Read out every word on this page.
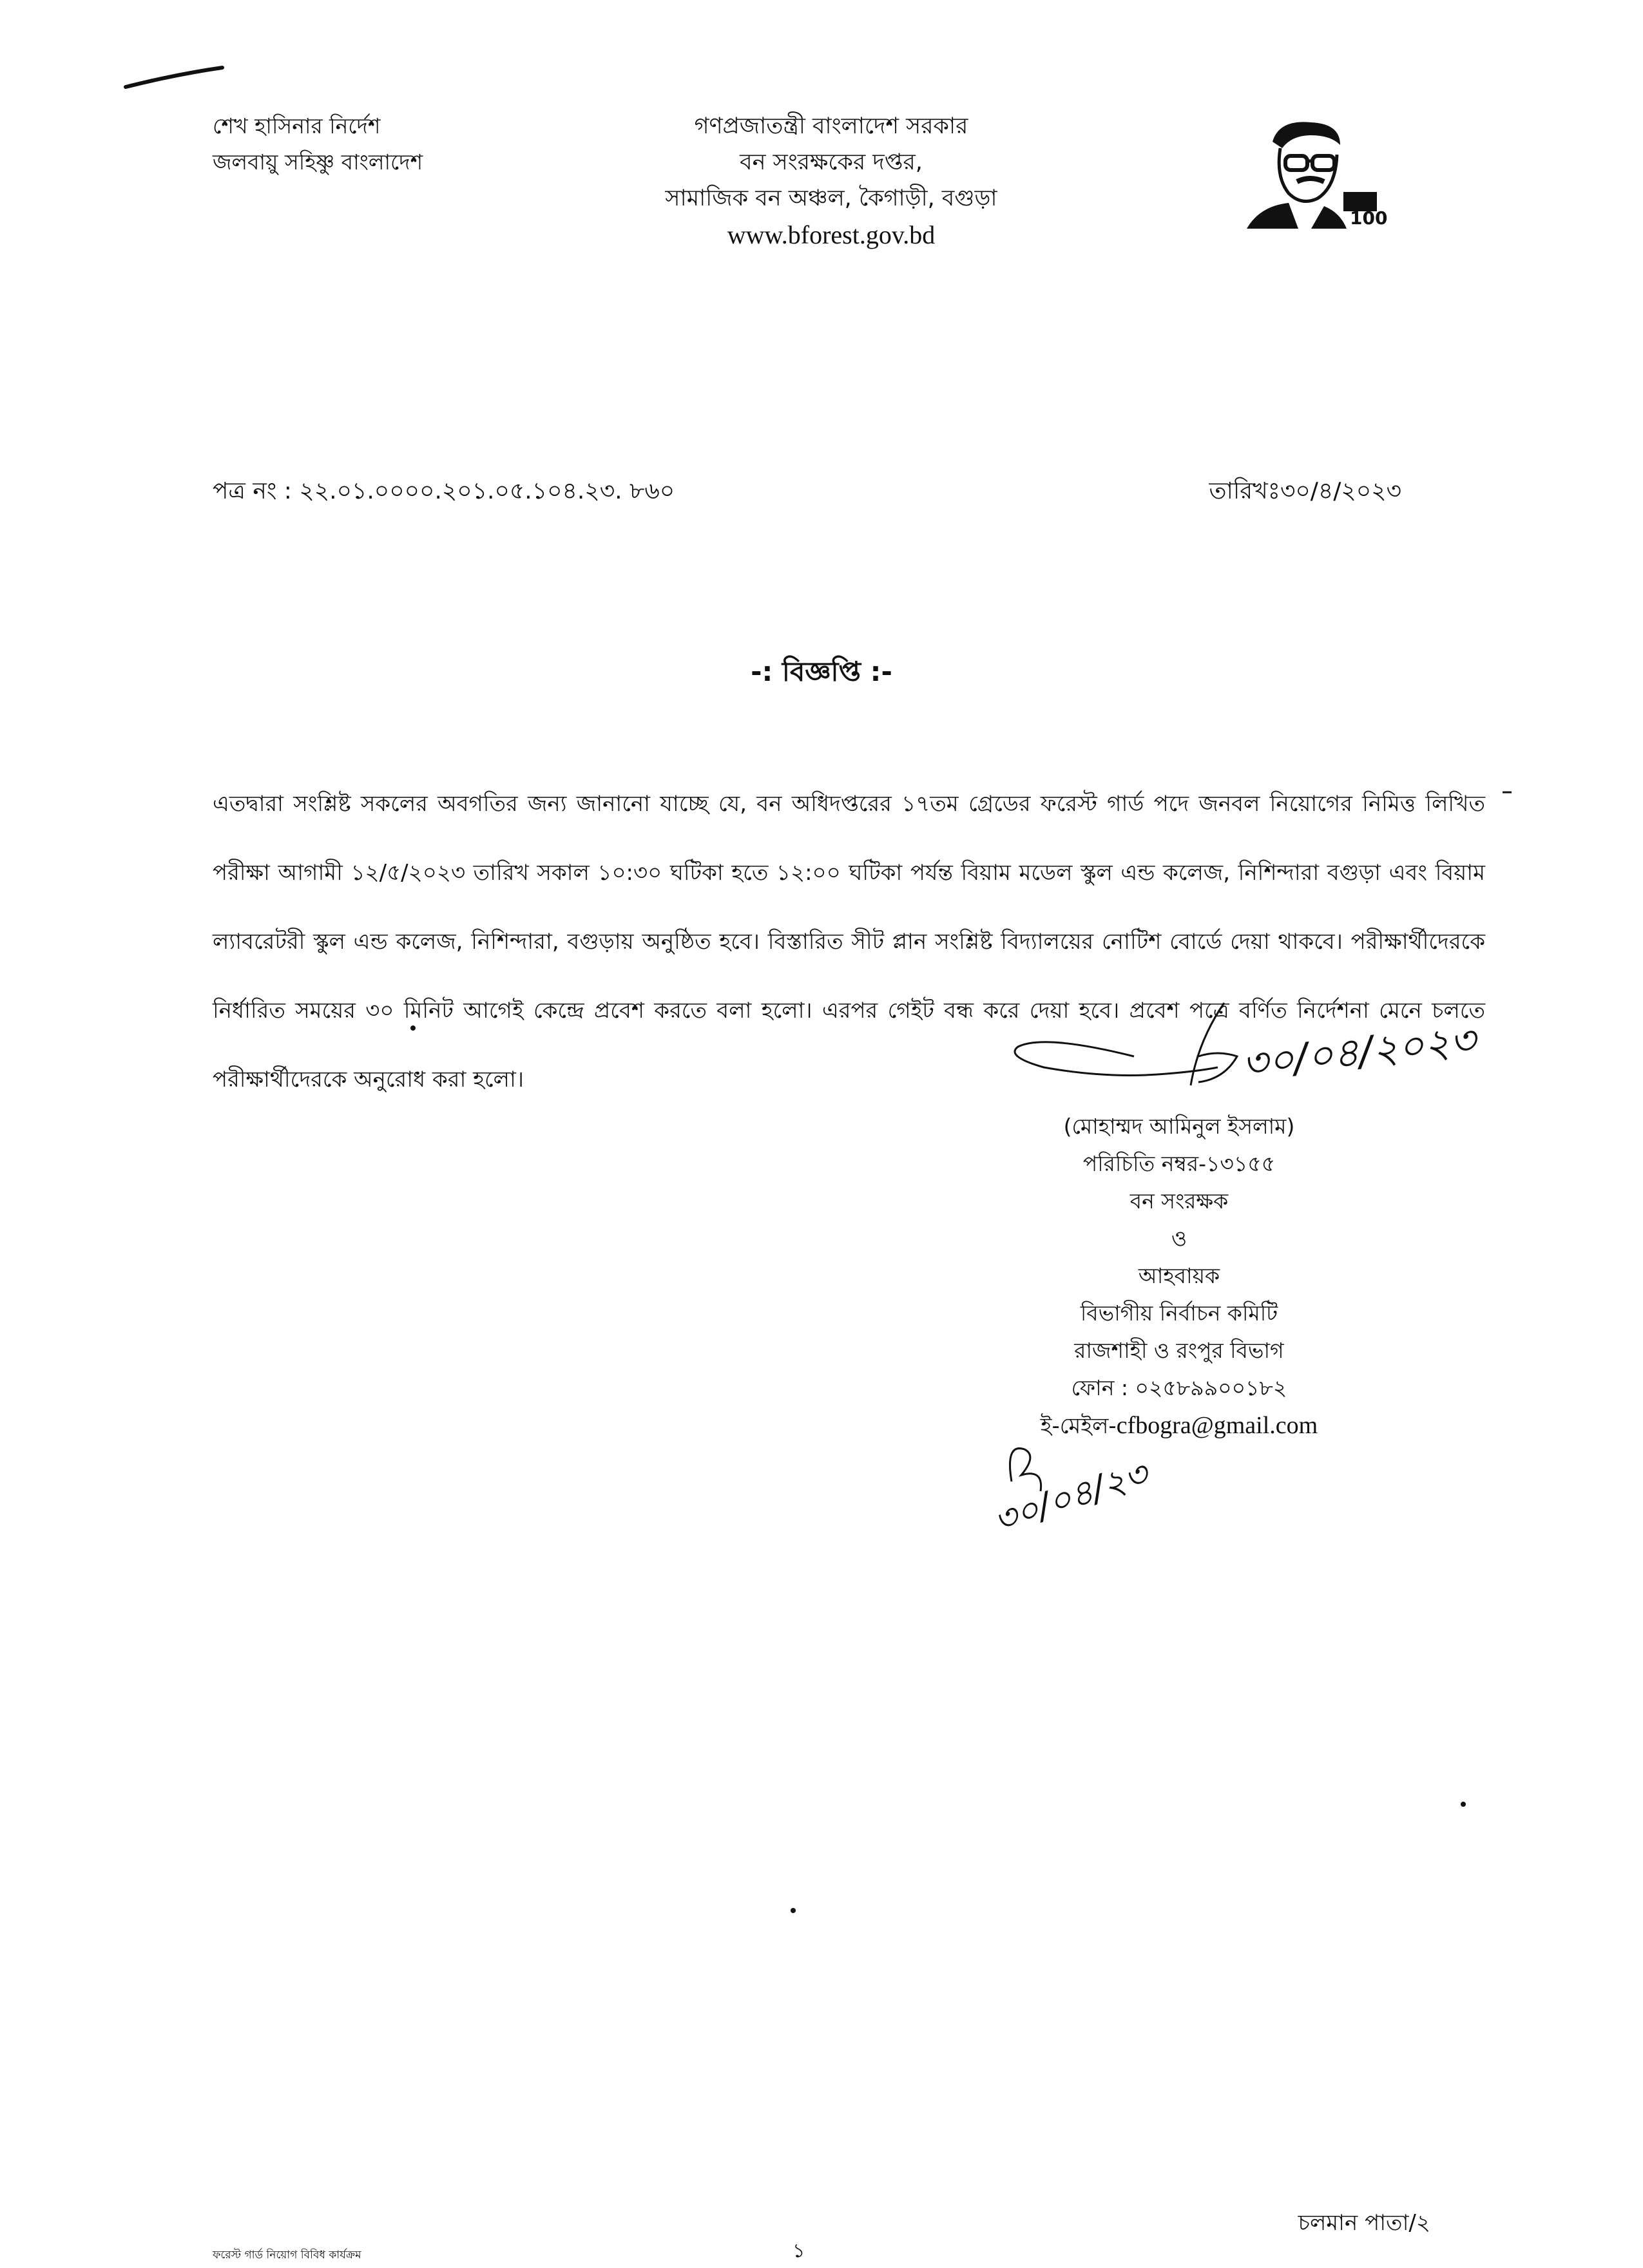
শেখ হাসিনার নির্দেশ
জলবায়ু সহিষ্ণু বাংলাদেশ
গণপ্রজাতন্ত্রী বাংলাদেশ সরকার
বন সংরক্ষকের দপ্তর,
সামাজিক বন অঞ্চল, কৈগাড়ী, বগুড়া
www.bforest.gov.bd
100
পত্র নং : ২২.০১.০০০০.২০১.০৫.১০৪.২৩. ৮৬০	তারিখঃ৩০/৪/২০২৩
-: বিজ্ঞপ্তি :-
এতদ্বারা সংশ্লিষ্ট সকলের অবগতির জন্য জানানো যাচ্ছে যে, বন অধিদপ্তরের ১৭তম গ্রেডের ফরেস্ট গার্ড পদে জনবল নিয়োগের নিমিত্ত লিখিত পরীক্ষা আগামী ১২/৫/২০২৩ তারিখ সকাল ১০:৩০ ঘটিকা হতে ১২:০০ ঘটিকা পর্যন্ত বিয়াম মডেল স্কুল এন্ড কলেজ, নিশিন্দারা বগুড়া এবং বিয়াম ল্যাবরেটরী স্কুল এন্ড কলেজ, নিশিন্দারা, বগুড়ায় অনুষ্ঠিত হবে। বিস্তারিত সীট প্লান সংশ্লিষ্ট বিদ্যালয়ের নোটিশ বোর্ডে দেয়া থাকবে। পরীক্ষার্থীদেরকে নির্ধারিত সময়ের ৩০ মিনিট আগেই কেন্দ্রে প্রবেশ করতে বলা হলো। এরপর গেইট বন্ধ করে দেয়া হবে। প্রবেশ পত্রে বর্ণিত নির্দেশনা মেনে চলতে পরীক্ষার্থীদেরকে অনুরোধ করা হলো।	৩০/০৪/২০২৩
(মোহাম্মদ আমিনুল ইসলাম)
পরিচিতি নম্বর-১৩১৫৫
বন সংরক্ষক
ও
আহবায়ক
বিভাগীয় নির্বাচন কমিটি
রাজশাহী ও রংপুর বিভাগ
ফোন : ০২৫৮৯৯০০১৮২
ই-মেইল-cfbogra@gmail.com
৩০/০৪/২৩
চলমান পাতা/২
ফরেস্ট গার্ড নিয়োগ বিবিধ কার্যক্রম	১
